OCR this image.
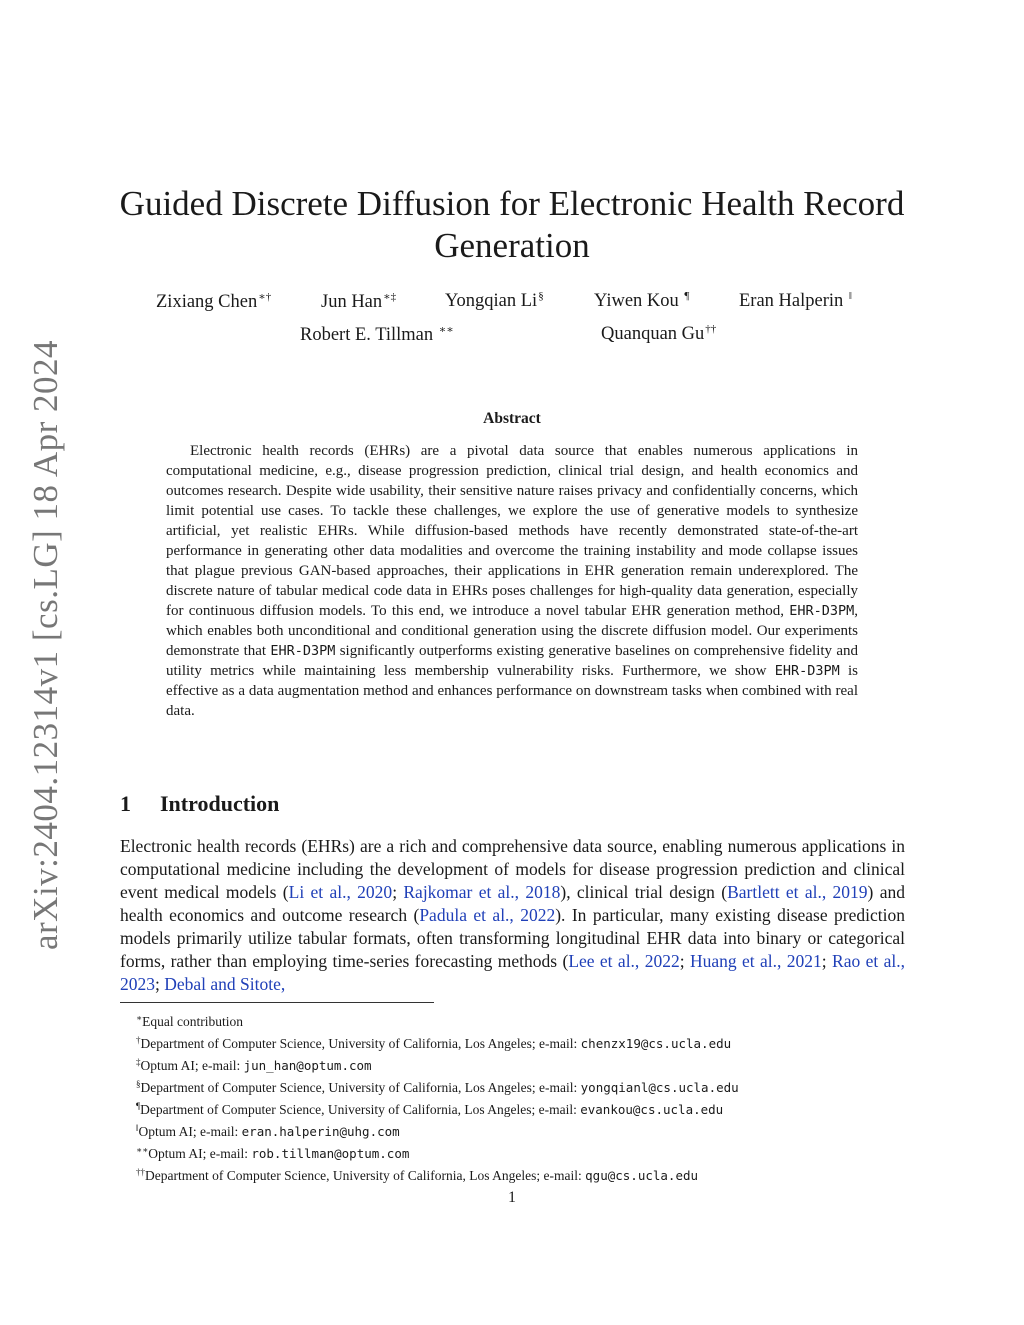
arXiv:2404.12314v1 [cs.LG] 18 Apr 2024
Guided Discrete Diffusion for Electronic Health Record Generation
Zixiang Chen∗†	Jun Han∗‡	Yongqian Li§	Yiwen Kou ¶	Eran Halperin ‖
Robert E. Tillman ∗∗	Quanquan Gu††
Abstract

Electronic health records (EHRs) are a pivotal data source that enables numerous applications in computational medicine, e.g., disease progression prediction, clinical trial design, and health economics and outcomes research. Despite wide usability, their sensitive nature raises privacy and confidentially concerns, which limit potential use cases. To tackle these challenges, we explore the use of generative models to synthesize artificial, yet realistic EHRs. While diffusion-based methods have recently demonstrated state-of-the-art performance in generating other data modalities and overcome the training instability and mode collapse issues that plague previous GAN-based approaches, their applications in EHR generation remain underexplored. The discrete nature of tabular medical code data in EHRs poses challenges for high-quality data generation, especially for continuous diffusion models. To this end, we introduce a novel tabular EHR generation method, EHR-D3PM, which enables both unconditional and conditional generation using the discrete diffusion model. Our experiments demonstrate that EHR-D3PM significantly outperforms existing generative baselines on comprehensive fidelity and utility metrics while maintaining less membership vulnerability risks. Furthermore, we show EHR-D3PM is effective as a data augmentation method and enhances performance on downstream tasks when combined with real data.

1 Introduction

Electronic health records (EHRs) are a rich and comprehensive data source, enabling numerous applications in computational medicine including the development of models for disease progression prediction and clinical event medical models (Li et al., 2020; Rajkomar et al., 2018), clinical trial design (Bartlett et al., 2019) and health economics and outcome research (Padula et al., 2022). In particular, many existing disease prediction models primarily utilize tabular formats, often transforming longitudinal EHR data into binary or categorical forms, rather than employing time-series forecasting methods (Lee et al., 2022; Huang et al., 2021; Rao et al., 2023; Debal and Sitote,

∗Equal contribution
†Department of Computer Science, University of California, Los Angeles; e-mail: chenzx19@cs.ucla.edu
‡Optum AI; e-mail: jun_han@optum.com
§Department of Computer Science, University of California, Los Angeles; e-mail: yongqianl@cs.ucla.edu
¶Department of Computer Science, University of California, Los Angeles; e-mail: evankou@cs.ucla.edu
‖Optum AI; e-mail: eran.halperin@uhg.com
∗∗Optum AI; e-mail: rob.tillman@optum.com
††Department of Computer Science, University of California, Los Angeles; e-mail: qgu@cs.ucla.edu
1
